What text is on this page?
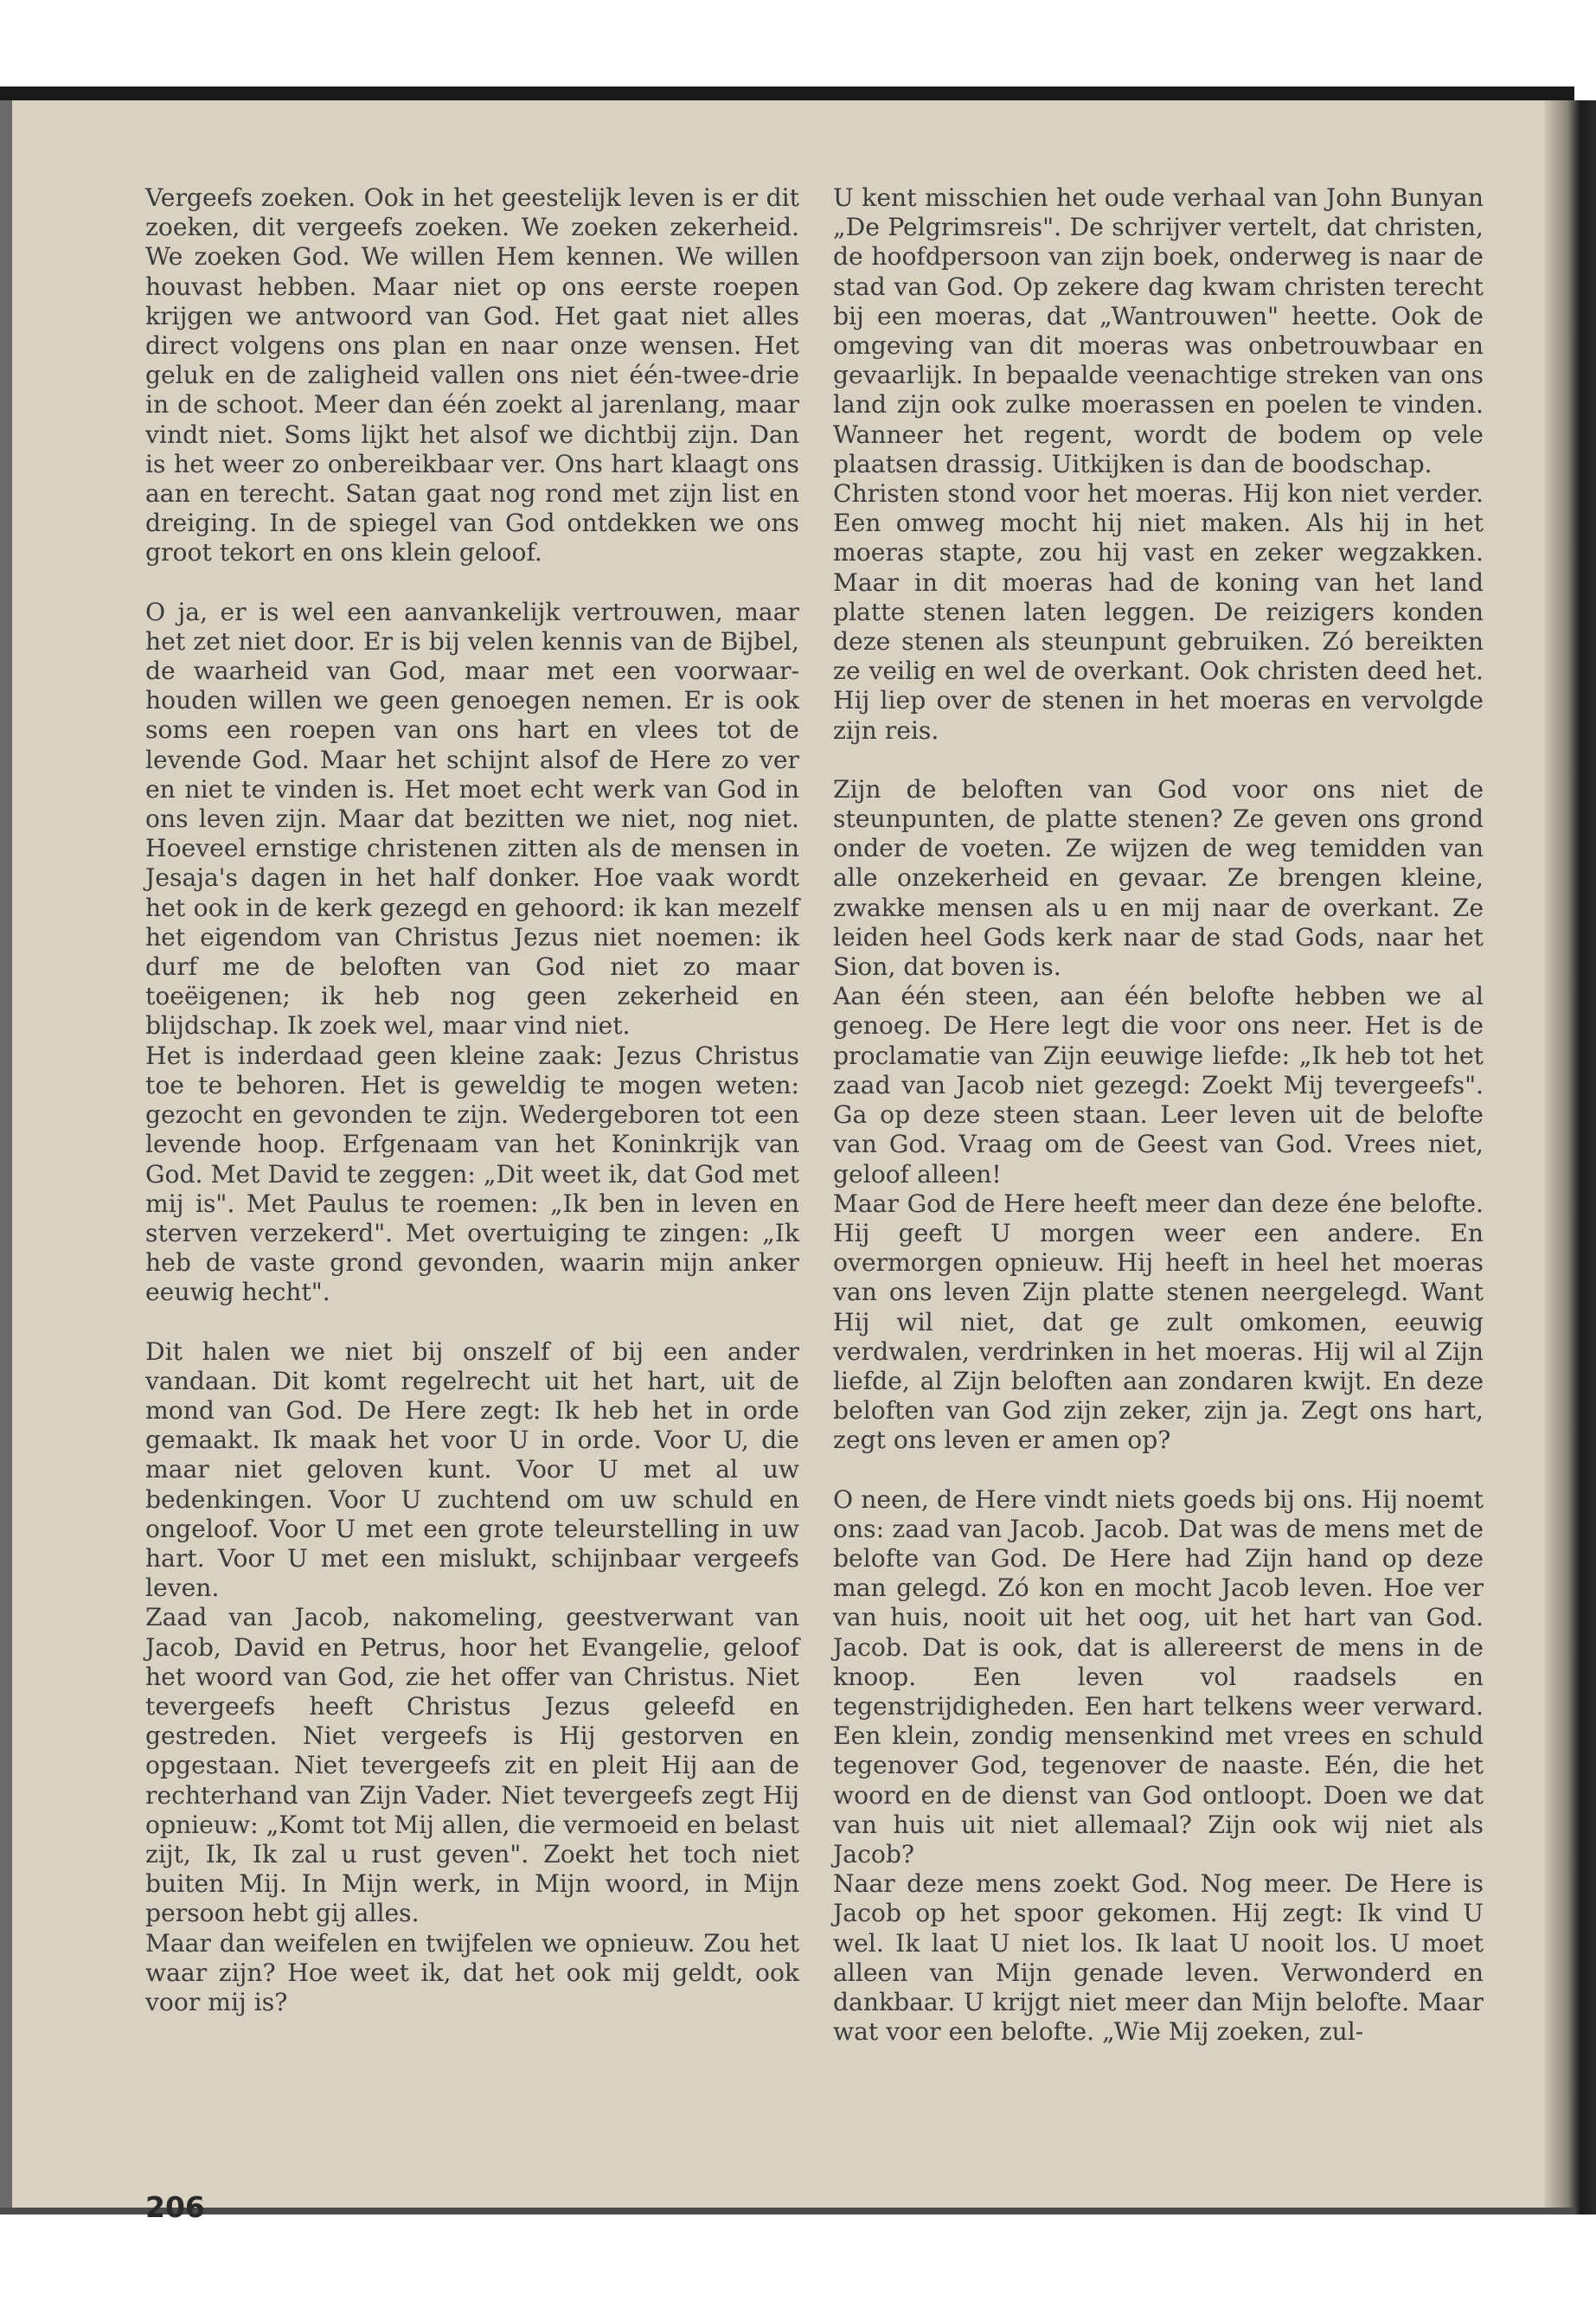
Vergeefs zoeken. Ook in het geestelijk leven is er dit zoeken, dit vergeefs zoeken. We zoeken zekerheid. We zoeken God. We willen Hem kennen. We willen houvast hebben. Maar niet op ons eerste roepen krijgen we antwoord van God. Het gaat niet alles direct volgens ons plan en naar onze wensen. Het geluk en de zaligheid vallen ons niet één-twee-drie in de schoot. Meer dan één zoekt al jarenlang, maar vindt niet. Soms lijkt het alsof we dichtbij zijn. Dan is het weer zo onbereikbaar ver. Ons hart klaagt ons aan en terecht. Satan gaat nog rond met zijn list en dreiging. In de spiegel van God ontdekken we ons groot tekort en ons klein geloof.

O ja, er is wel een aanvankelijk vertrouwen, maar het zet niet door. Er is bij velen kennis van de Bijbel, de waarheid van God, maar met een voorwaar-houden willen we geen genoegen nemen. Er is ook soms een roepen van ons hart en vlees tot de levende God. Maar het schijnt alsof de Here zo ver en niet te vinden is. Het moet echt werk van God in ons leven zijn. Maar dat bezitten we niet, nog niet. Hoeveel ernstige christenen zitten als de mensen in Jesaja's dagen in het half donker. Hoe vaak wordt het ook in de kerk gezegd en gehoord: ik kan mezelf het eigendom van Christus Jezus niet noemen: ik durf me de beloften van God niet zo maar toeëigenen; ik heb nog geen zekerheid en blijdschap. Ik zoek wel, maar vind niet.

Het is inderdaad geen kleine zaak: Jezus Christus toe te behoren. Het is geweldig te mogen weten: gezocht en gevonden te zijn. Wedergeboren tot een levende hoop. Erfgenaam van het Koninkrijk van God. Met David te zeggen: „Dit weet ik, dat God met mij is". Met Paulus te roemen: „Ik ben in leven en sterven verzekerd". Met overtuiging te zingen: „Ik heb de vaste grond gevonden, waarin mijn anker eeuwig hecht".

Dit halen we niet bij onszelf of bij een ander vandaan. Dit komt regelrecht uit het hart, uit de mond van God. De Here zegt: Ik heb het in orde gemaakt. Ik maak het voor U in orde. Voor U, die maar niet geloven kunt. Voor U met al uw bedenkingen. Voor U zuchtend om uw schuld en ongeloof. Voor U met een grote teleurstelling in uw hart. Voor U met een mislukt, schijnbaar vergeefs leven.

Zaad van Jacob, nakomeling, geestverwant van Jacob, David en Petrus, hoor het Evangelie, geloof het woord van God, zie het offer van Christus. Niet tevergeefs heeft Christus Jezus geleefd en gestreden. Niet vergeefs is Hij gestorven en opgestaan. Niet tevergeefs zit en pleit Hij aan de rechterhand van Zijn Vader. Niet tevergeefs zegt Hij opnieuw: „Komt tot Mij allen, die vermoeid en belast zijt, Ik, Ik zal u rust geven". Zoekt het toch niet buiten Mij. In Mijn werk, in Mijn woord, in Mijn persoon hebt gij alles.

Maar dan weifelen en twijfelen we opnieuw. Zou het waar zijn? Hoe weet ik, dat het ook mij geldt, ook voor mij is?

U kent misschien het oude verhaal van John Bunyan „De Pelgrimsreis". De schrijver vertelt, dat christen, de hoofdpersoon van zijn boek, onderweg is naar de stad van God. Op zekere dag kwam christen terecht bij een moeras, dat „Wantrouwen" heette. Ook de omgeving van dit moeras was onbetrouwbaar en gevaarlijk. In bepaalde veenachtige streken van ons land zijn ook zulke moerassen en poelen te vinden. Wanneer het regent, wordt de bodem op vele plaatsen drassig. Uitkijken is dan de boodschap.

Christen stond voor het moeras. Hij kon niet verder. Een omweg mocht hij niet maken. Als hij in het moeras stapte, zou hij vast en zeker wegzakken. Maar in dit moeras had de koning van het land platte stenen laten leggen. De reizigers konden deze stenen als steunpunt gebruiken. Zó bereikten ze veilig en wel de overkant. Ook christen deed het. Hij liep over de stenen in het moeras en vervolgde zijn reis.

Zijn de beloften van God voor ons niet de steunpunten, de platte stenen? Ze geven ons grond onder de voeten. Ze wijzen de weg temidden van alle onzekerheid en gevaar. Ze brengen kleine, zwakke mensen als u en mij naar de overkant. Ze leiden heel Gods kerk naar de stad Gods, naar het Sion, dat boven is.

Aan één steen, aan één belofte hebben we al genoeg. De Here legt die voor ons neer. Het is de proclamatie van Zijn eeuwige liefde: „Ik heb tot het zaad van Jacob niet gezegd: Zoekt Mij tevergeefs". Ga op deze steen staan. Leer leven uit de belofte van God. Vraag om de Geest van God. Vrees niet, geloof alleen!

Maar God de Here heeft meer dan deze éne belofte. Hij geeft U morgen weer een andere. En overmorgen opnieuw. Hij heeft in heel het moeras van ons leven Zijn platte stenen neergelegd. Want Hij wil niet, dat ge zult omkomen, eeuwig verdwalen, verdrinken in het moeras. Hij wil al Zijn liefde, al Zijn beloften aan zondaren kwijt. En deze beloften van God zijn zeker, zijn ja. Zegt ons hart, zegt ons leven er amen op?

O neen, de Here vindt niets goeds bij ons. Hij noemt ons: zaad van Jacob. Jacob. Dat was de mens met de belofte van God. De Here had Zijn hand op deze man gelegd. Zó kon en mocht Jacob leven. Hoe ver van huis, nooit uit het oog, uit het hart van God. Jacob. Dat is ook, dat is allereerst de mens in de knoop. Een leven vol raadsels en tegenstrijdigheden. Een hart telkens weer verward. Een klein, zondig mensenkind met vrees en schuld tegenover God, tegenover de naaste. Eén, die het woord en de dienst van God ontloopt. Doen we dat van huis uit niet allemaal? Zijn ook wij niet als Jacob?

Naar deze mens zoekt God. Nog meer. De Here is Jacob op het spoor gekomen. Hij zegt: Ik vind U wel. Ik laat U niet los. Ik laat U nooit los. U moet alleen van Mijn genade leven. Verwonderd en dankbaar. U krijgt niet meer dan Mijn belofte. Maar wat voor een belofte. „Wie Mij zoeken, zul-

206
